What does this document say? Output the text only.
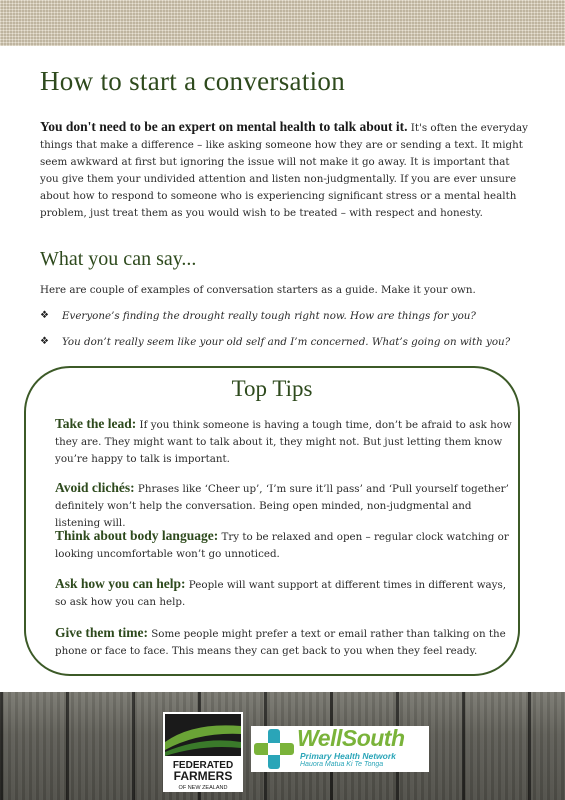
How to start a conversation

You don't need to be an expert on mental health to talk about it. It's often the everyday things that make a difference – like asking someone how they are or sending a text. It might seem awkward at first but ignoring the issue will not make it go away. It is important that you give them your undivided attention and listen non-judgmentally. If you are ever unsure about how to respond to someone who is experiencing significant stress or a mental health problem, just treat them as you would wish to be treated – with respect and honesty.

What you can say...

Here are couple of examples of conversation starters as a guide. Make it your own.

❖	Everyone’s finding the drought really tough right now. How are things for you?
❖	You don’t really seem like your old self and I’m concerned. What’s going on with you?
Top Tips
Take the lead: If you think someone is having a tough time, don’t be afraid to ask how they are. They might want to talk about it, they might not. But just letting them know you’re happy to talk is important.
Avoid clichés: Phrases like ‘Cheer up’, ‘I’m sure it’ll pass’ and ‘Pull yourself together’ definitely won’t help the conversation. Being open minded, non-judgmental and listening will.
Think about body language: Try to be relaxed and open – regular clock watching or looking uncomfortable won’t go unnoticed.
Ask how you can help: People will want support at different times in different ways, so ask how you can help.
Give them time: Some people might prefer a text or email rather than talking on the phone or face to face. This means they can get back to you when they feel ready.
FEDERATED
FARMERS
OF NEW ZEALAND
WellSouth
Primary Health Network
Hauora Matua Ki Te Tonga
